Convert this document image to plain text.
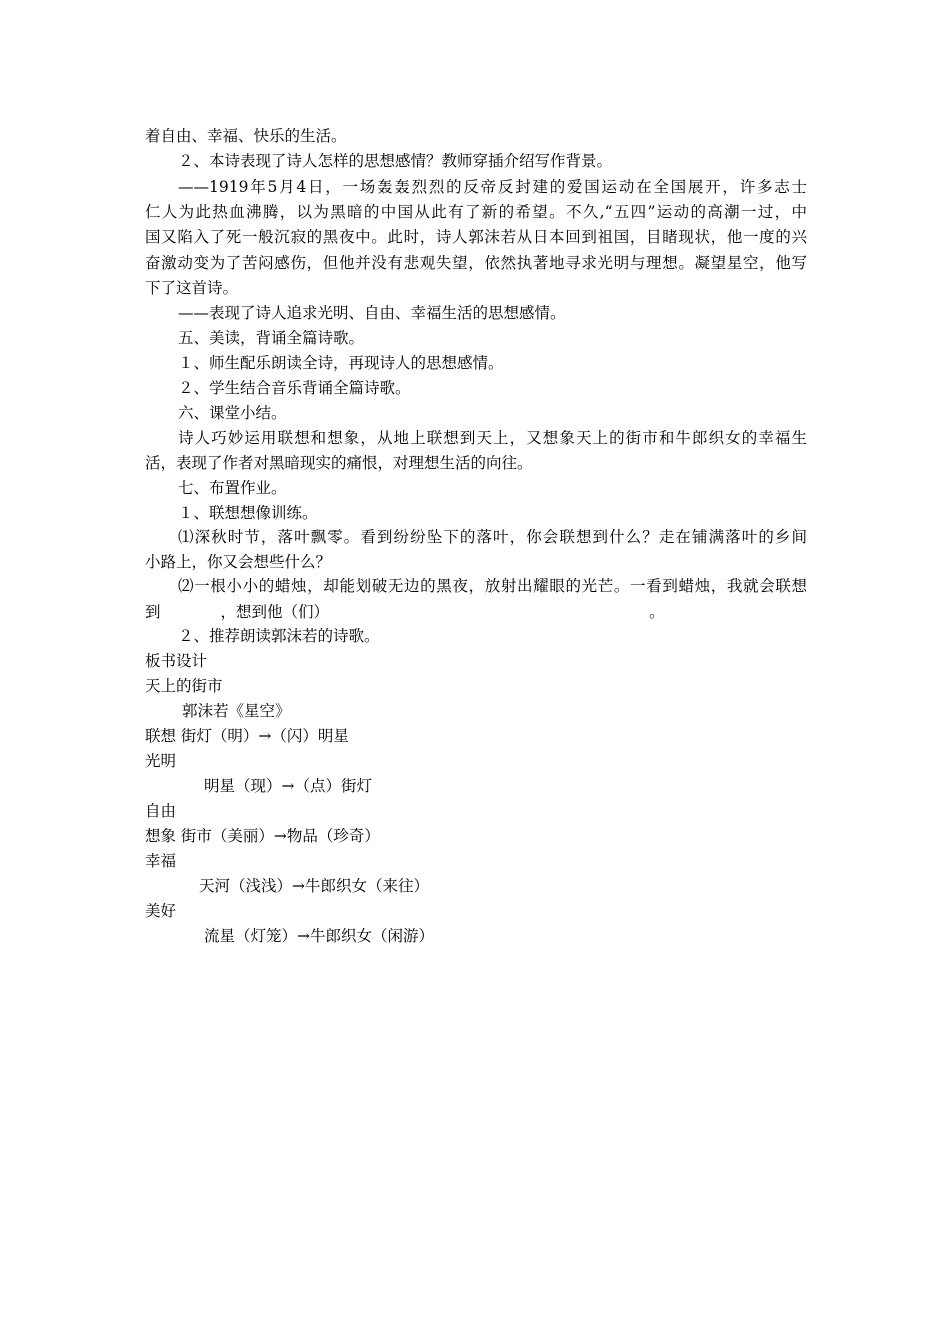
着自由、幸福、快乐的生活。
２、本诗表现了诗人怎样的思想感情？教师穿插介绍写作背景。
——1919年5月4日，一场轰轰烈烈的反帝反封建的爱国运动在全国展开，许多志士
仁人为此热血沸腾，以为黑暗的中国从此有了新的希望。不久,“五四”运动的高潮一过，中
国又陷入了死一般沉寂的黑夜中。此时，诗人郭沫若从日本回到祖国，目睹现状，他一度的兴
奋激动变为了苦闷感伤，但他并没有悲观失望，依然执著地寻求光明与理想。凝望星空，他写
下了这首诗。
——表现了诗人追求光明、自由、幸福生活的思想感情。
五、美读，背诵全篇诗歌。
１、师生配乐朗读全诗，再现诗人的思想感情。
２、学生结合音乐背诵全篇诗歌。
六、课堂小结。
诗人巧妙运用联想和想象，从地上联想到天上，又想象天上的街市和牛郎织女的幸福生
活，表现了作者对黑暗现实的痛恨，对理想生活的向往。
七、布置作业。
１、联想想像训练。
⑴深秋时节，落叶飘零。看到纷纷坠下的落叶，你会联想到什么？走在铺满落叶的乡间
小路上，你又会想些什么？
⑵一根小小的蜡烛，却能划破无边的黑夜，放射出耀眼的光芒。一看到蜡烛，我就会联想
到	，想到他（们）	。
２、推荐朗读郭沫若的诗歌。
板书设计
天上的街市
郭沫若《星空》
联想 街灯（明）→（闪）明星
光明
明星（现）→（点）街灯
自由
想象 街市（美丽）→物品（珍奇）
幸福
天河（浅浅）→牛郎织女（来往）
美好
流星（灯笼）→牛郎织女（闲游）
